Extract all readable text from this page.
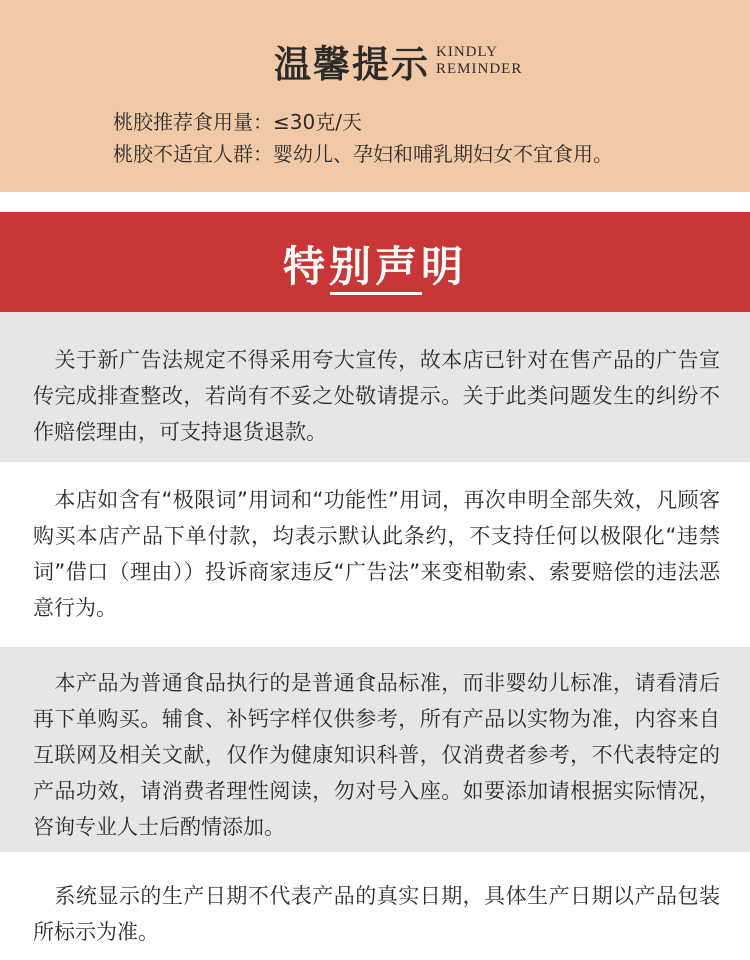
温馨提示 KINDLY
REMINDER
桃胶推荐食用量：≤30克/天
桃胶不适宜人群：婴幼儿、孕妇和哺乳期妇女不宜食用。
特别声明
关于新广告法规定不得采用夸大宣传，故本店已针对在售产品的广告宣传完成排查整改，若尚有不妥之处敬请提示。关于此类问题发生的纠纷不作赔偿理由，可支持退货退款。
本店如含有“极限词”用词和“功能性”用词，再次申明全部失效，凡顾客购买本店产品下单付款，均表示默认此条约，不支持任何以极限化“违禁词”借口（理由））投诉商家违反“广告法”来变相勒索、索要赔偿的违法恶意行为。
本产品为普通食品执行的是普通食品标准，而非婴幼儿标准，请看清后再下单购买。辅食、补钙字样仅供参考，所有产品以实物为准，内容来自互联网及相关文献，仅作为健康知识科普，仅消费者参考，不代表特定的产品功效，请消费者理性阅读，勿对号入座。如要添加请根据实际情况，咨询专业人士后酌情添加。
系统显示的生产日期不代表产品的真实日期，具体生产日期以产品包装所标示为准。
